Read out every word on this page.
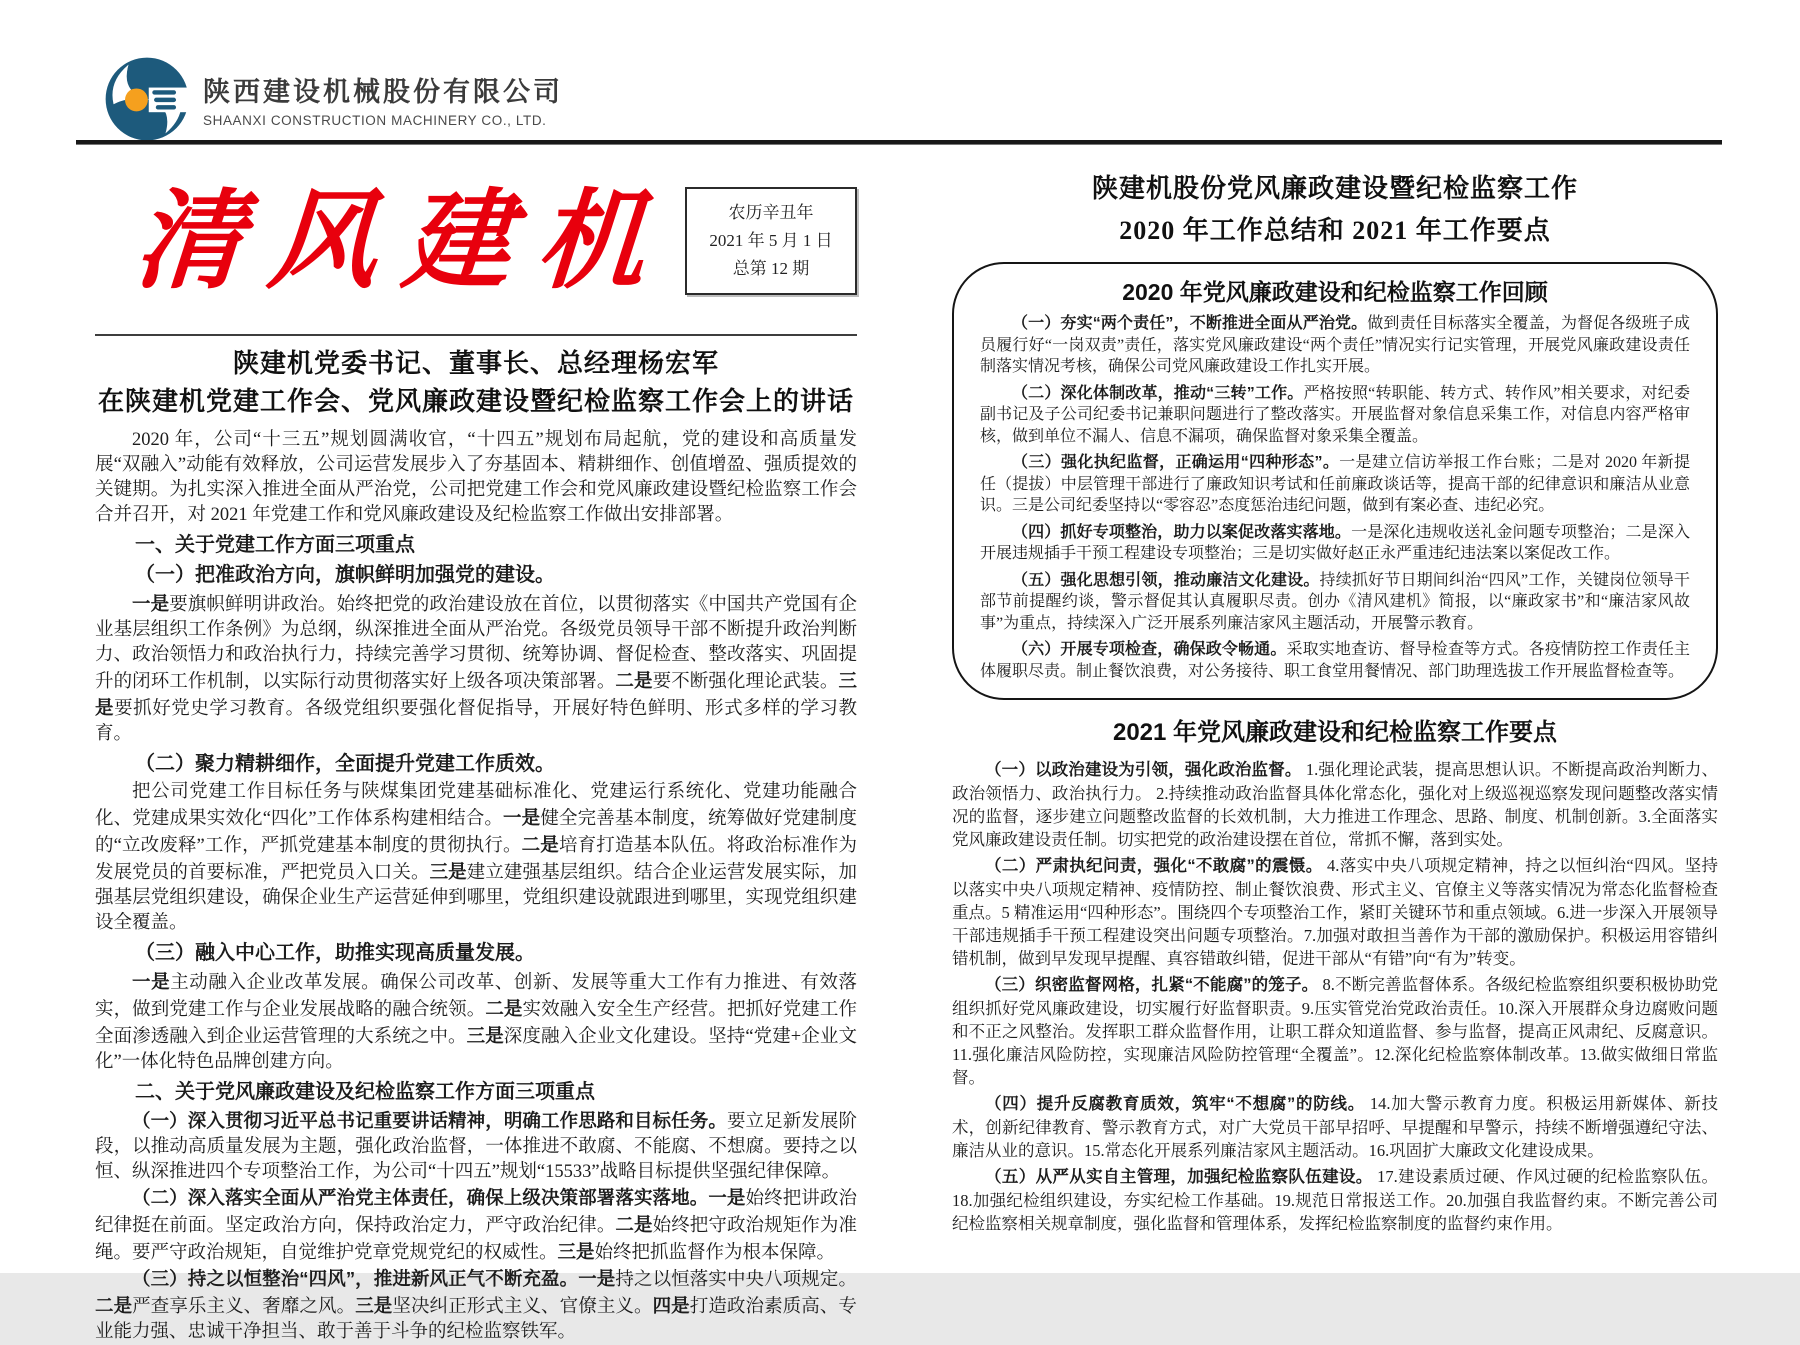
陕西建设机械股份有限公司
SHAANXI CONSTRUCTION MACHINERY CO., LTD.
清风建机	农历辛丑年
2021 年 5 月 1 日
总第 12 期
陕建机党委书记、董事长、总经理杨宏军
在陕建机党建工作会、党风廉政建设暨纪检监察工作会上的讲话

2020 年，公司“十三五”规划圆满收官，“十四五”规划布局起航，党的建设和高质量发展“双融入”动能有效释放，公司运营发展步入了夯基固本、精耕细作、创值增盈、强质提效的关键期。为扎实深入推进全面从严治党，公司把党建工作会和党风廉政建设暨纪检监察工作会合并召开，对 2021 年党建工作和党风廉政建设及纪检监察工作做出安排部署。

一、关于党建工作方面三项重点

（一）把准政治方向，旗帜鲜明加强党的建设。

一是要旗帜鲜明讲政治。始终把党的政治建设放在首位，以贯彻落实《中国共产党国有企业基层组织工作条例》为总纲，纵深推进全面从严治党。各级党员领导干部不断提升政治判断力、政治领悟力和政治执行力，持续完善学习贯彻、统筹协调、督促检查、整改落实、巩固提升的闭环工作机制，以实际行动贯彻落实好上级各项决策部署。二是要不断强化理论武装。三是要抓好党史学习教育。各级党组织要强化督促指导，开展好特色鲜明、形式多样的学习教育。

（二）聚力精耕细作，全面提升党建工作质效。

把公司党建工作目标任务与陕煤集团党建基础标准化、党建运行系统化、党建功能融合化、党建成果实效化“四化”工作体系构建相结合。一是健全完善基本制度，统筹做好党建制度的“立改废释”工作，严抓党建基本制度的贯彻执行。二是培育打造基本队伍。将政治标准作为发展党员的首要标准，严把党员入口关。三是建立建强基层组织。结合企业运营发展实际，加强基层党组织建设，确保企业生产运营延伸到哪里，党组织建设就跟进到哪里，实现党组织建设全覆盖。

（三）融入中心工作，助推实现高质量发展。

一是主动融入企业改革发展。确保公司改革、创新、发展等重大工作有力推进、有效落实，做到党建工作与企业发展战略的融合统领。二是实效融入安全生产经营。把抓好党建工作全面渗透融入到企业运营管理的大系统之中。三是深度融入企业文化建设。坚持“党建+企业文化”一体化特色品牌创建方向。

二、关于党风廉政建设及纪检监察工作方面三项重点

（一）深入贯彻习近平总书记重要讲话精神，明确工作思路和目标任务。要立足新发展阶段，以推动高质量发展为主题，强化政治监督，一体推进不敢腐、不能腐、不想腐。要持之以恒、纵深推进四个专项整治工作，为公司“十四五”规划“15533”战略目标提供坚强纪律保障。

（二）深入落实全面从严治党主体责任，确保上级决策部署落实落地。一是始终把讲政治纪律挺在前面。坚定政治方向，保持政治定力，严守政治纪律。二是始终把守政治规矩作为准绳。要严守政治规矩，自觉维护党章党规党纪的权威性。三是始终把抓监督作为根本保障。

（三）持之以恒整治“四风”，推进新风正气不断充盈。一是持之以恒落实中央八项规定。二是严查享乐主义、奢靡之风。三是坚决纠正形式主义、官僚主义。四是打造政治素质高、专业能力强、忠诚干净担当、敢于善于斗争的纪检监察铁军。

陕建机股份党风廉政建设暨纪检监察工作
2020 年工作总结和 2021 年工作要点
2020 年党风廉政建设和纪检监察工作回顾

（一）夯实“两个责任”，不断推进全面从严治党。做到责任目标落实全覆盖，为督促各级班子成员履行好“一岗双责”责任，落实党风廉政建设“两个责任”情况实行记实管理，开展党风廉政建设责任制落实情况考核，确保公司党风廉政建设工作扎实开展。

（二）深化体制改革，推动“三转”工作。严格按照“转职能、转方式、转作风”相关要求，对纪委副书记及子公司纪委书记兼职问题进行了整改落实。开展监督对象信息采集工作，对信息内容严格审核，做到单位不漏人、信息不漏项，确保监督对象采集全覆盖。

（三）强化执纪监督，正确运用“四种形态”。一是建立信访举报工作台账；二是对 2020 年新提任（提拔）中层管理干部进行了廉政知识考试和任前廉政谈话等，提高干部的纪律意识和廉洁从业意识。三是公司纪委坚持以“零容忍”态度惩治违纪问题，做到有案必查、违纪必究。

（四）抓好专项整治，助力以案促改落实落地。一是深化违规收送礼金问题专项整治；二是深入开展违规插手干预工程建设专项整治；三是切实做好赵正永严重违纪违法案以案促改工作。

（五）强化思想引领，推动廉洁文化建设。持续抓好节日期间纠治“四风”工作，关键岗位领导干部节前提醒约谈，警示督促其认真履职尽责。创办《清风建机》简报，以“廉政家书”和“廉洁家风故事”为重点，持续深入广泛开展系列廉洁家风主题活动，开展警示教育。

（六）开展专项检查，确保政令畅通。采取实地查访、督导检查等方式。各疫情防控工作责任主体履职尽责。制止餐饮浪费，对公务接待、职工食堂用餐情况、部门助理选拔工作开展监督检查等。

2021 年党风廉政建设和纪检监察工作要点

（一）以政治建设为引领，强化政治监督。 1.强化理论武装，提高思想认识。不断提高政治判断力、政治领悟力、政治执行力。 2.持续推动政治监督具体化常态化，强化对上级巡视巡察发现问题整改落实情况的监督，逐步建立问题整改监督的长效机制，大力推进工作理念、思路、制度、机制创新。3.全面落实党风廉政建设责任制。切实把党的政治建设摆在首位，常抓不懈，落到实处。

（二）严肃执纪问责，强化“不敢腐”的震慑。 4.落实中央八项规定精神，持之以恒纠治“四风。坚持以落实中央八项规定精神、疫情防控、制止餐饮浪费、形式主义、官僚主义等落实情况为常态化监督检查重点。5 精准运用“四种形态”。围绕四个专项整治工作，紧盯关键环节和重点领域。6.进一步深入开展领导干部违规插手干预工程建设突出问题专项整治。7.加强对敢担当善作为干部的激励保护。积极运用容错纠错机制，做到早发现早提醒、真容错敢纠错，促进干部从“有错”向“有为”转变。

（三）织密监督网格，扎紧“不能腐”的笼子。 8.不断完善监督体系。各级纪检监察组织要积极协助党组织抓好党风廉政建设，切实履行好监督职责。9.压实管党治党政治责任。10.深入开展群众身边腐败问题和不正之风整治。发挥职工群众监督作用，让职工群众知道监督、参与监督，提高正风肃纪、反腐意识。11.强化廉洁风险防控，实现廉洁风险防控管理“全覆盖”。12.深化纪检监察体制改革。13.做实做细日常监督。

（四）提升反腐教育质效，筑牢“不想腐”的防线。 14.加大警示教育力度。积极运用新媒体、新技术，创新纪律教育、警示教育方式，对广大党员干部早招呼、早提醒和早警示，持续不断增强遵纪守法、廉洁从业的意识。15.常态化开展系列廉洁家风主题活动。16.巩固扩大廉政文化建设成果。

（五）从严从实自主管理，加强纪检监察队伍建设。 17.建设素质过硬、作风过硬的纪检监察队伍。18.加强纪检组织建设，夯实纪检工作基础。19.规范日常报送工作。20.加强自我监督约束。不断完善公司纪检监察相关规章制度，强化监督和管理体系，发挥纪检监察制度的监督约束作用。
